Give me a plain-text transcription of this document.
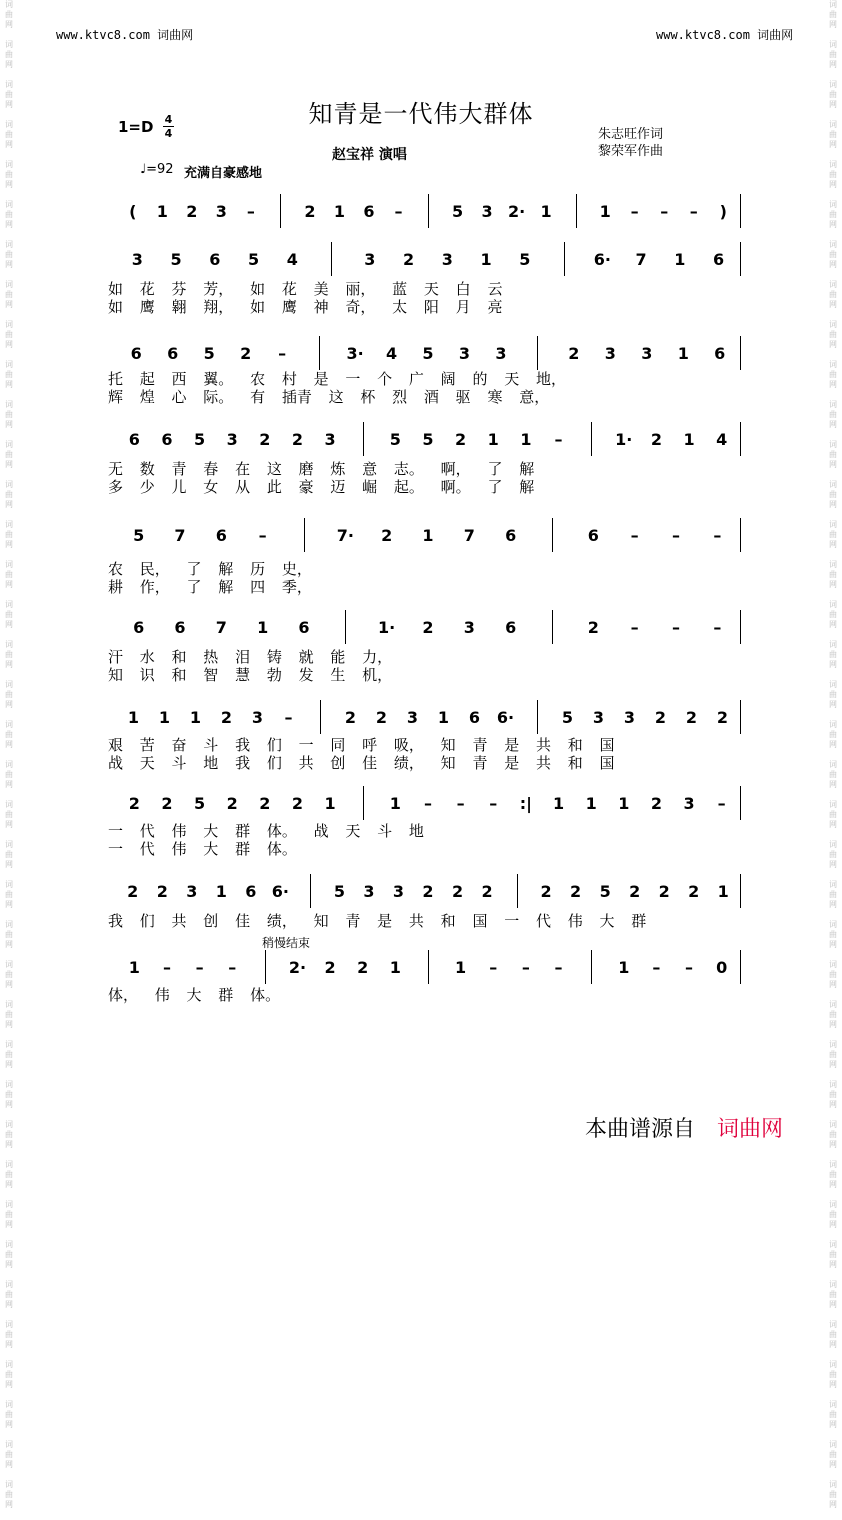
www.ktvc8.com 词曲网	www.ktvc8.com 词曲网
词
曲
网

词
曲
网

词
曲
网

词
曲
网

词
曲
网

词
曲
网

词
曲
网

词
曲
网

词
曲
网

词
曲
网

词
曲
网

词
曲
网

词
曲
网

词
曲
网

词
曲
网

词
曲
网

词
曲
网

词
曲
网

词
曲
网

词
曲
网

词
曲
网

词
曲
网

词
曲
网

词
曲
网

词
曲
网

词
曲
网

词
曲
网

词
曲
网

词
曲
网

词
曲
网

词
曲
网

词
曲
网

词
曲
网

词
曲
网

词
曲
网

词
曲
网

词
曲
网

词
曲
网

词
曲
网

词
曲
网

词
曲
网

词
曲
网

词
曲
网

词
曲
网

词
曲
网

词
曲
网

词
曲
网

词
曲
网

词
曲
网

词
曲
网

词
曲
网

词
曲
网

词
曲
网

词
曲
网

词
曲
网

词
曲
网

词
曲
网

词
曲
网

词
曲
网

词
曲
网

词
曲
网

词
曲
网

词
曲
网

词
曲
网

词
曲
网

词
曲
网

词
曲
网

词
曲
网

词
曲
网

词
曲
网

词
曲
网

词
曲
网

词
曲
网

词
曲
网

词
曲
网

词
曲
网

知青是一代伟大群体
1=D 4
4	朱志旺作词
黎荣军作曲
赵宝祥 演唱
♩=92 充满自豪感地
稍慢结束
(	1 2 3	–	2 1 6	–	5 3 2· 1	1	–	–	–	)
3 5 6 5 4	3 2 3 1 5	6· 7 1 6
6 6 5 2	–	3· 4 5 3 3	2 3 3 1 6
6 6 5 3 2 2 3	5 5 2 1 1	–	1· 2 1 4
5 7 6	–	7· 2 1 7 6	6	–	–	–
6 6 7 1 6	1· 2 3 6	2	–	–	–
1 1 1 2 3	–	2 2 3 1 6 6·	5 3 3 2 2 2
2 2 5 2 2 2 1	1	–	–	–	:| 1 1 1 2 3	–
2 2 3 1 6 6·	5 3 3 2 2 2	2 2 5 2 2 2 1
1	–	–	–	2· 2 2 1	1	–	–	–	1	–	–	0
如 花 芬 芳， 如 花 美 丽， 蓝 天 白 云
如 鹰 翱 翔， 如 鹰 神 奇， 太 阳 月 亮
托 起 西 翼。 农 村 是 一 个 广 阔 的 天 地，
辉 煌 心 际。 有 插青 这 杯 烈 酒 驱 寒 意，
无 数 青 春 在 这 磨 炼 意 志。 啊， 了 解
多 少 儿 女 从 此 豪 迈 崛 起。 啊。 了 解
农 民， 了 解 历 史，
耕 作， 了 解 四 季，
汗 水 和 热 泪 铸 就 能 力，
知 识 和 智 慧 勃 发 生 机，
艰 苦 奋 斗 我 们 一 同 呼 吸， 知 青 是 共 和 国
战 天 斗 地 我 们 共 创 佳 绩， 知 青 是 共 和 国
一 代 伟 大 群 体。 战 天 斗 地
一 代 伟 大 群 体。
我 们 共 创 佳 绩， 知 青 是 共 和 国 一 代 伟 大 群
体， 伟 大 群 体。
本曲谱源自 词曲网
